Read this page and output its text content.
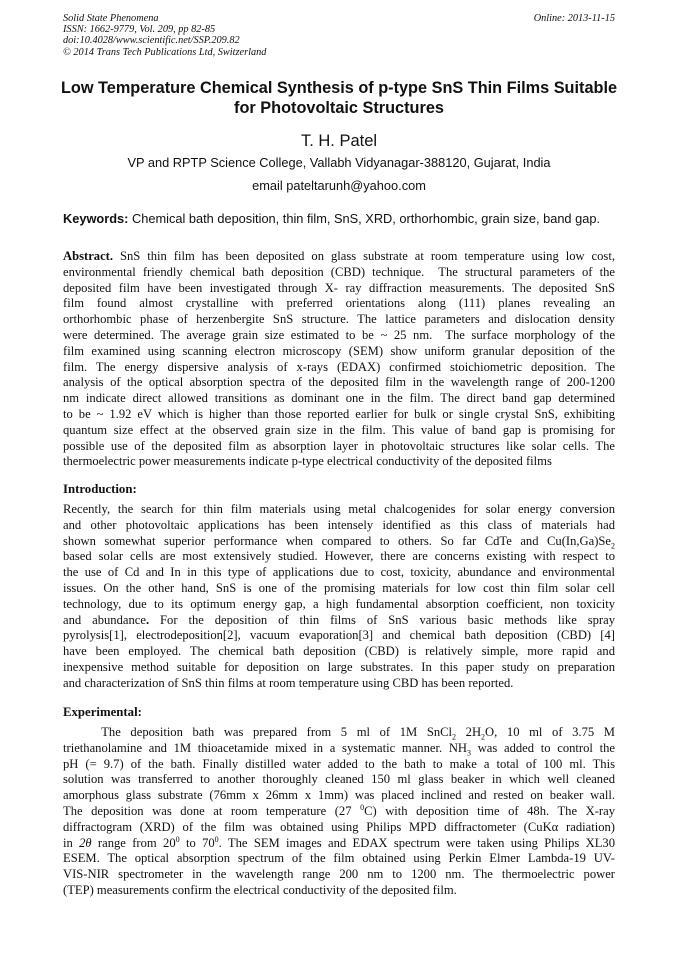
Solid State Phenomena
ISSN: 1662-9779, Vol. 209, pp 82-85
doi:10.4028/www.scientific.net/SSP.209.82
© 2014 Trans Tech Publications Ltd, Switzerland
Online: 2013-11-15
Low Temperature Chemical Synthesis of p-type SnS Thin Films Suitable
for Photovoltaic Structures
T. H. Patel
VP and RPTP Science College, Vallabh Vidyanagar-388120, Gujarat, India
email pateltarunh@yahoo.com
Keywords: Chemical bath deposition, thin film, SnS, XRD, orthorhombic, grain size, band gap.
Abstract. SnS thin film has been deposited on glass substrate at room temperature using low cost,
environmental friendly chemical bath deposition (CBD) technique.  The structural parameters of the
deposited film have been investigated through X- ray diffraction measurements. The deposited SnS
film found almost crystalline with preferred orientations along (111) planes revealing an
orthorhombic phase of herzenbergite SnS structure. The lattice parameters and dislocation density
were determined. The average grain size estimated to be ~ 25 nm.  The surface morphology of the
film examined using scanning electron microscopy (SEM) show uniform granular deposition of the
film. The energy dispersive analysis of x-rays (EDAX) confirmed stoichiometric deposition. The
analysis of the optical absorption spectra of the deposited film in the wavelength range of 200-1200
nm indicate direct allowed transitions as dominant one in the film. The direct band gap determined
to be ~ 1.92 eV which is higher than those reported earlier for bulk or single crystal SnS, exhibiting
quantum size effect at the observed grain size in the film. This value of band gap is promising for
possible use of the deposited film as absorption layer in photovoltaic structures like solar cells. The
thermoelectric power measurements indicate p-type electrical conductivity of the deposited films
Introduction:
Recently, the search for thin film materials using metal chalcogenides for solar energy conversion
and other photovoltaic applications has been intensely identified as this class of materials had
shown somewhat superior performance when compared to others. So far CdTe and $Cu(In,Ga)Se_2$
based solar cells are most extensively studied. However, there are concerns existing with respect to
the use of Cd and In in this type of applications due to cost, toxicity, abundance and environmental
issues. On the other hand, SnS is one of the promising materials for low cost thin film solar cell
technology, due to its optimum energy gap, a high fundamental absorption coefficient, non toxicity
and abundance. For the deposition of thin films of SnS various basic methods like spray
pyrolysis[1], electrodeposition[2], vacuum evaporation[3] and chemical bath deposition (CBD) [4]
have been employed. The chemical bath deposition (CBD) is relatively simple, more rapid and
inexpensive method suitable for deposition on large substrates. In this paper study on preparation
and characterization of SnS thin films at room temperature using CBD has been reported.
Experimental:
The deposition bath was prepared from 5 ml of 1M SnCl$_2$ $2H_2O$, 10 ml of 3.75 M
triethanolamine and 1M thioacetamide mixed in a systematic manner. $NH_3$ was added to control the
pH (= 9.7) of the bath. Finally distilled water added to the bath to make a total of 100 ml. This
solution was transferred to another thoroughly cleaned 150 ml glass beaker in which well cleaned
amorphous glass substrate (76mm x 26mm x 1mm) was placed inclined and rested on beaker wall.
The deposition was done at room temperature (27 $^0$C) with deposition time of 48h. The X-ray
diffractogram (XRD) of the film was obtained using Philips MPD diffractometer (CuKα radiation)
in 2θ range from $20^0$ to $70^0$. The SEM images and EDAX spectrum were taken using Philips XL30
ESEM. The optical absorption spectrum of the film obtained using Perkin Elmer Lambda-19 UV-
VIS-NIR spectrometer in the wavelength range 200 nm to 1200 nm. The thermoelectric power
(TEP) measurements confirm the electrical conductivity of the deposited film.
